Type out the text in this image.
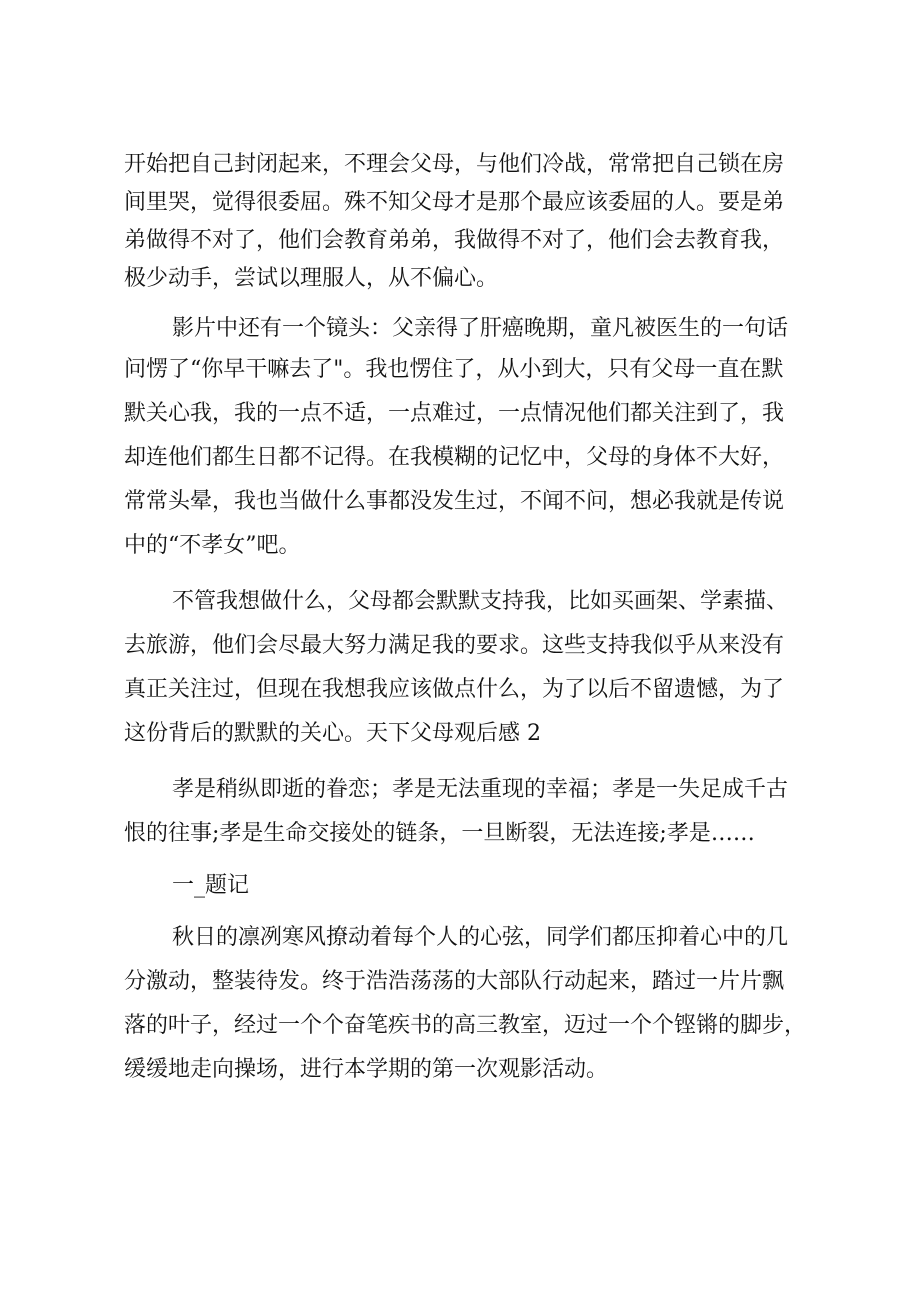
开始把自己封闭起来，不理会父母，与他们冷战，常常把自己锁在房
间里哭，觉得很委屈。殊不知父母才是那个最应该委屈的人。要是弟
弟做得不对了，他们会教育弟弟，我做得不对了，他们会去教育我，
极少动手，尝试以理服人，从不偏心。

影片中还有一个镜头：父亲得了肝癌晚期，童凡被医生的一句话
问愣了“你早干嘛去了"。我也愣住了，从小到大，只有父母一直在默
默关心我，我的一点不适，一点难过，一点情况他们都关注到了，我
却连他们都生日都不记得。在我模糊的记忆中，父母的身体不大好，
常常头晕，我也当做什么事都没发生过，不闻不问，想必我就是传说
中的“不孝女”吧。

不管我想做什么，父母都会默默支持我，比如买画架、学素描、
去旅游，他们会尽最大努力满足我的要求。这些支持我似乎从来没有
真正关注过，但现在我想我应该做点什么，为了以后不留遗憾，为了
这份背后的默默的关心。天下父母观后感 2

孝是稍纵即逝的眷恋；孝是无法重现的幸福；孝是一失足成千古
恨的往事;孝是生命交接处的链条，一旦断裂，无法连接;孝是……

一_题记

秋日的凛冽寒风撩动着每个人的心弦，同学们都压抑着心中的几
分激动，整装待发。终于浩浩荡荡的大部队行动起来，踏过一片片飘
落的叶子，经过一个个奋笔疾书的高三教室，迈过一个个铿锵的脚步，
缓缓地走向操场，进行本学期的第一次观影活动。
